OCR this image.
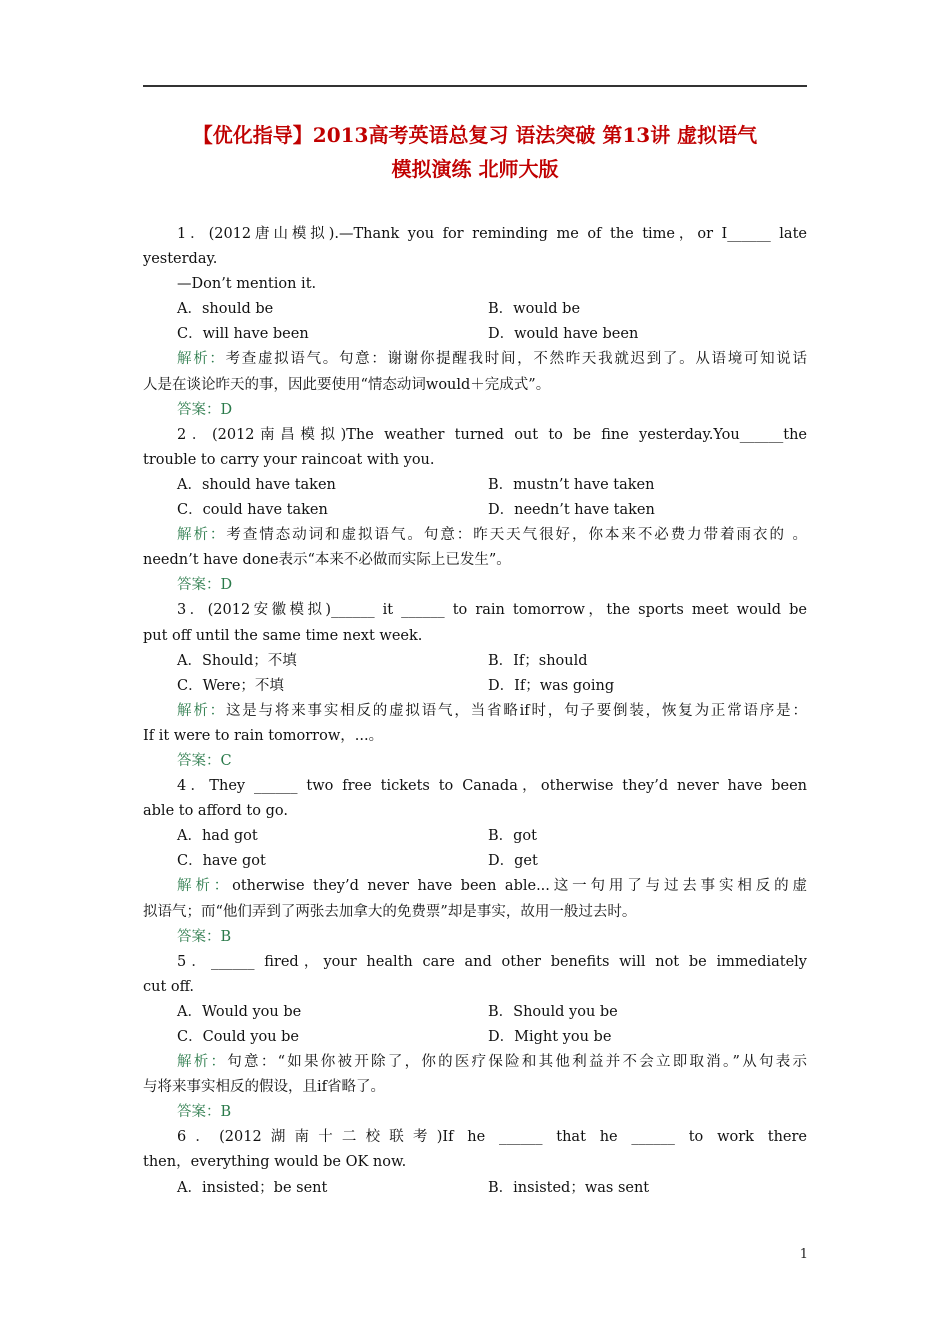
【优化指导】2013高考英语总复习 语法突破 第13讲 虚拟语气
模拟演练 北师大版
1．(2012唐山模拟).—Thank you for reminding me of the time，or I______ late
yesterday.
—Don’t mention it.
A．should be	B．would be
C．will have been	D．would have been
解析：考查虚拟语气。句意：谢谢你提醒我时间，不然昨天我就迟到了。从语境可知说话
人是在谈论昨天的事，因此要使用“情态动词would＋完成式”。
答案：D
2．(2012南昌模拟)The weather turned out to be fine yesterday.You______the
trouble to carry your raincoat with you.
A．should have taken	B．mustn’t have taken
C．could have taken	D．needn’t have taken
解析：考查情态动词和虚拟语气。句意：昨天天气很好，你本来不必费力带着雨衣的 。
needn’t have done表示“本来不必做而实际上已发生”。
答案：D
3．(2012安徽模拟)______ it ______ to rain tomorrow，the sports meet would be
put off until the same time next week.
A．Should；不填	B．If；should
C．Were；不填	D．If；was going
解析：这是与将来事实相反的虚拟语气，当省略if时，句子要倒装，恢复为正常语序是：
If it were to rain tomorrow，...。
答案：C
4．They ______ two free tickets to Canada，otherwise they’d never have been
able to afford to go.
A．had got	B．got
C．have got	D．get
解析：otherwise they’d never have been able...这一句用了与过去事实相反的虚
拟语气；而“他们弄到了两张去加拿大的免费票”却是事实，故用一般过去时。
答案：B
5．______ fired，your health care and other benefits will not be immediately
cut off.
A．Would you be	B．Should you be
C．Could you be	D．Might you be
解析：句意：“如果你被开除了，你的医疗保险和其他利益并不会立即取消。”从句表示
与将来事实相反的假设，且if省略了。
答案：B
6．(2012湖南十二校联考)If he ______ that he ______ to work there
then，everything would be OK now.
A．insisted；be sent	B．insisted；was sent
1
